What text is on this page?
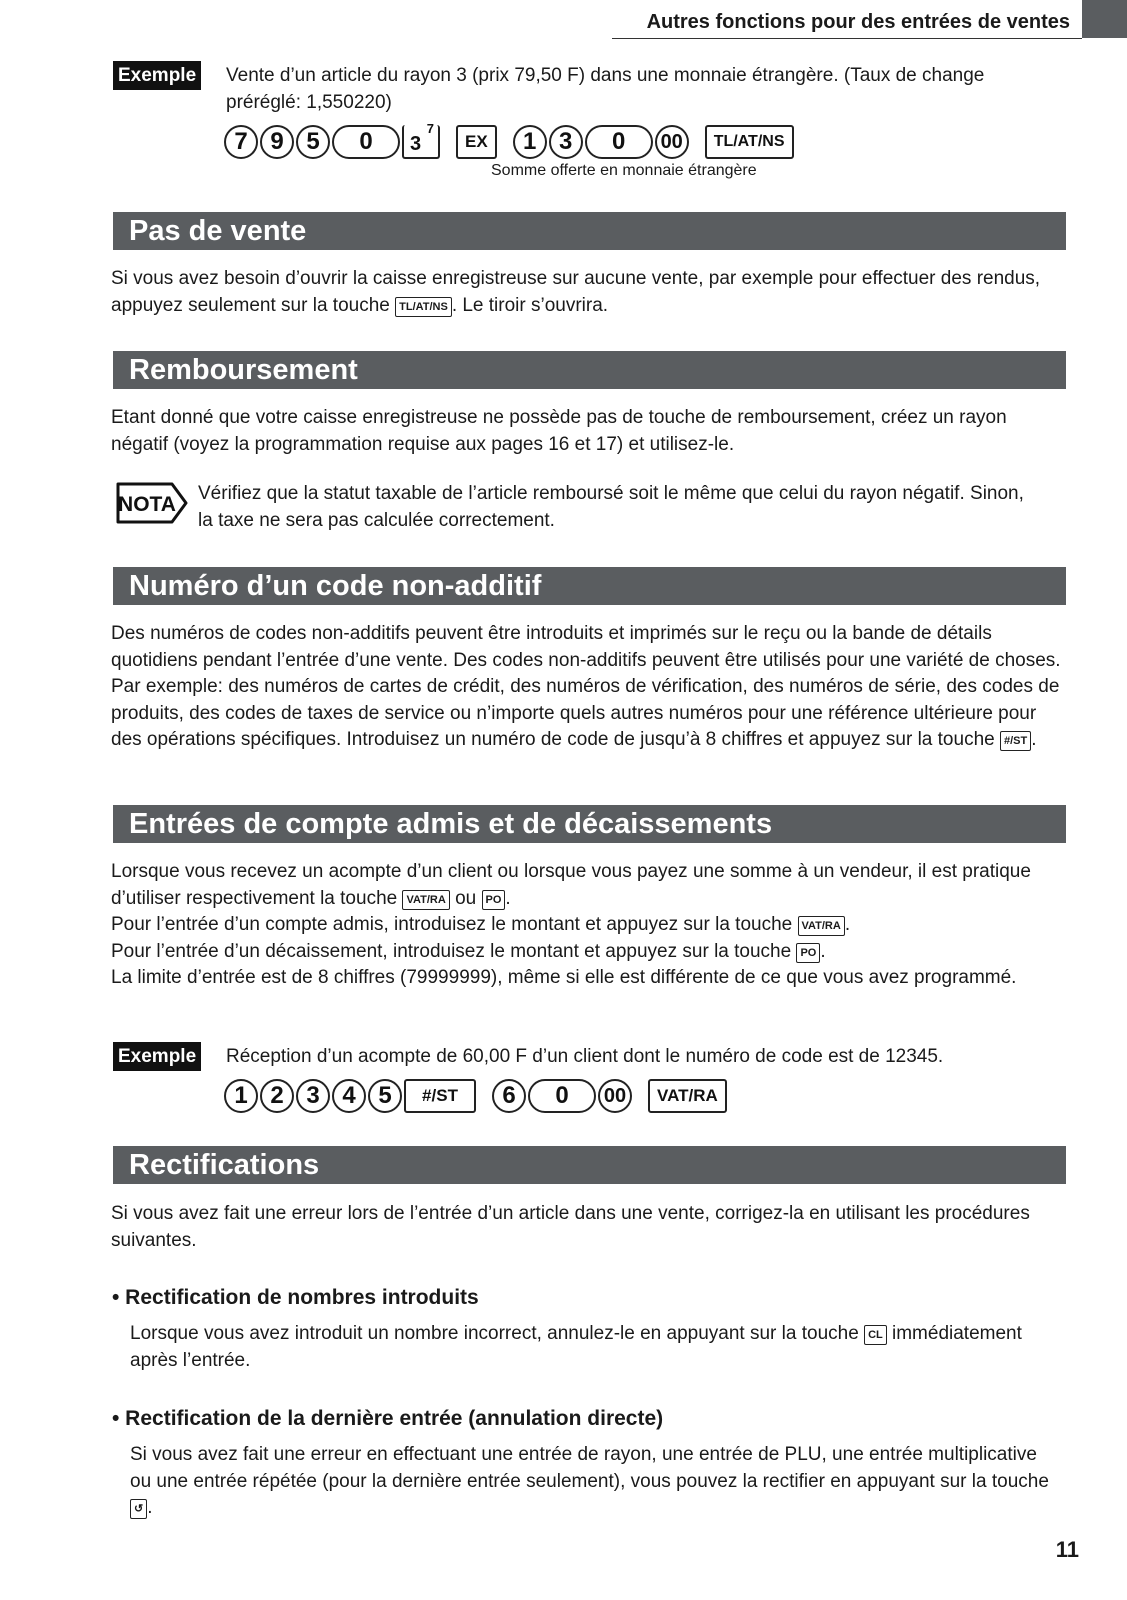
Autres fonctions pour des entrées de ventes
Exemple Vente d’un article du rayon 3 (prix 79,50 F) dans une monnaie étrangère. (Taux de change préréglé: 1,550220)
7 9 5	0	3
7
EX	1 3	0	00	TL/AT/NS
Somme offerte en monnaie étrangère
Pas de vente
Si vous avez besoin d’ouvrir la caisse enregistreuse sur aucune vente, par exemple pour effectuer des rendus, appuyez seulement sur la touche TL/AT/NS . Le tiroir s’ouvrira.
Remboursement
Etant donné que votre caisse enregistreuse ne possède pas de touche de remboursement, créez un rayon négatif (voyez la programmation requise aux pages 16 et 17) et utilisez-le.
NOTA Vérifiez que la statut taxable de l’article remboursé soit le même que celui du rayon négatif. Sinon, la taxe ne sera pas calculée correctement.
Numéro d’un code non-additif
Des numéros de codes non-additifs peuvent être introduits et imprimés sur le reçu ou la bande de détails quotidiens pendant l’entrée d’une vente. Des codes non-additifs peuvent être utilisés pour une variété de choses. Par exemple: des numéros de cartes de crédit, des numéros de vérification, des numéros de série, des codes de produits, des codes de taxes de service ou n’importe quels autres numéros pour une référence ultérieure pour des opérations spécifiques. Introduisez un numéro de code de jusqu’à 8 chiffres et appuyez sur la touche #/ST .
Entrées de compte admis et de décaissements

Lorsque vous recevez un acompte d’un client ou lorsque vous payez une somme à un vendeur, il est pratique d’utiliser respectivement la touche VAT/RA ou PO .

Pour l’entrée d’un compte admis, introduisez le montant et appuyez sur la touche VAT/RA .

Pour l’entrée d’un décaissement, introduisez le montant et appuyez sur la touche PO .

La limite d’entrée est de 8 chiffres (79999999), même si elle est différente de ce que vous avez programmé.

Exemple Réception d’un acompte de 60,00 F d’un client dont le numéro de code est de 12345.
1 2 3 4 5	#/ST	6	0	00	VAT/RA
Rectifications
Si vous avez fait une erreur lors de l’entrée d’un article dans une vente, corrigez-la en utilisant les procédures suivantes.
• Rectification de nombres introduits
Lorsque vous avez introduit un nombre incorrect, annulez-le en appuyant sur la touche CL immédiatement après l’entrée.
• Rectification de la dernière entrée (annulation directe)
Si vous avez fait une erreur en effectuant une entrée de rayon, une entrée de PLU, une entrée multiplicative ou une entrée répétée (pour la dernière entrée seulement), vous pouvez la rectifier en appuyant sur la touche ↺ .
11
